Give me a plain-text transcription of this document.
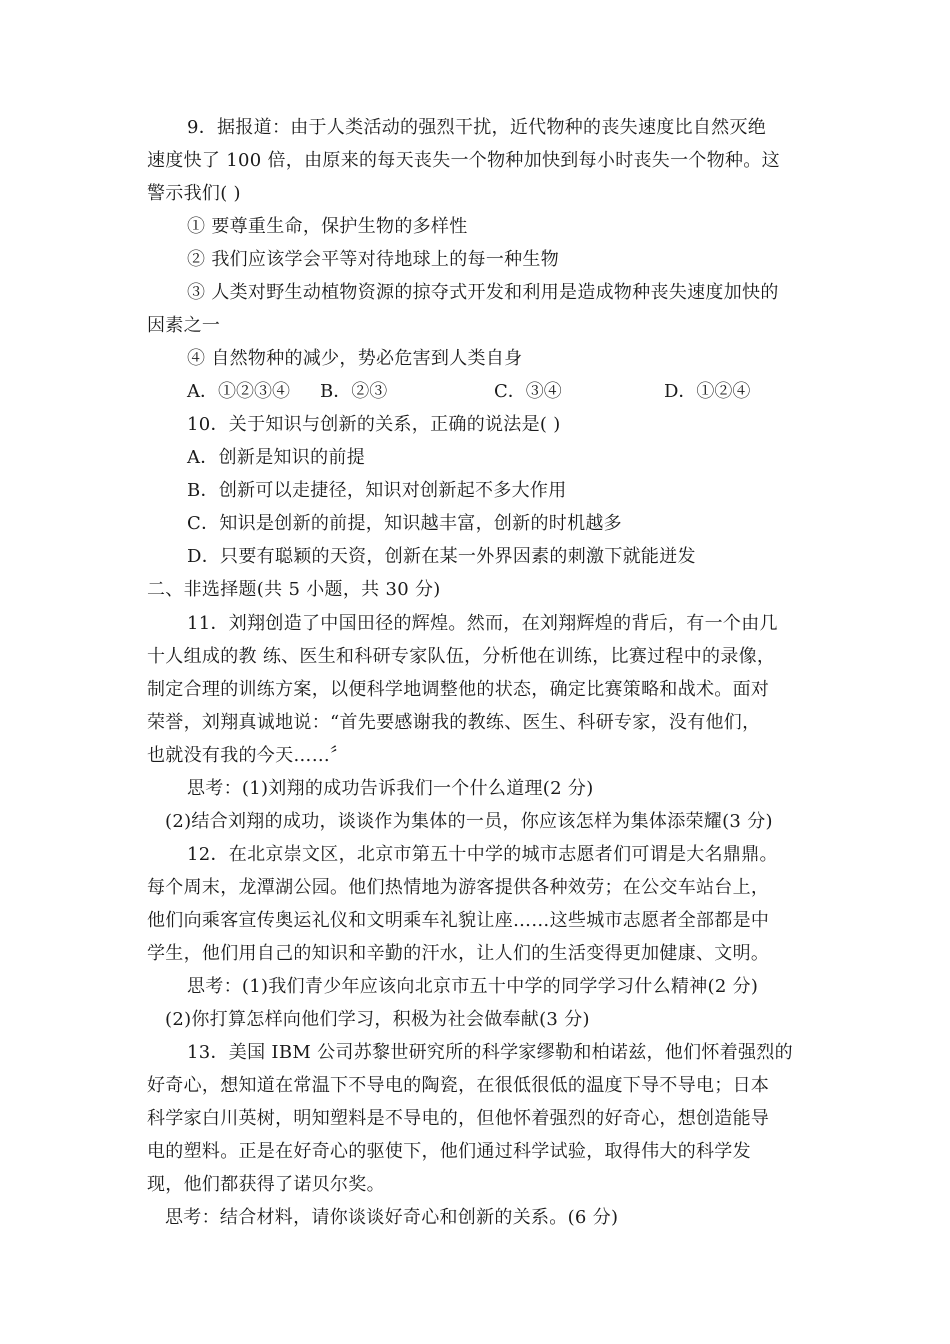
9．据报道：由于人类活动的强烈干扰，近代物种的丧失速度比自然灭绝
速度快了 100 倍，由原来的每天丧失一个物种加快到每小时丧失一个物种。这
警示我们( )
① 要尊重生命，保护生物的多样性
② 我们应该学会平等对待地球上的每一种生物
③ 人类对野生动植物资源的掠夺式开发和利用是造成物种丧失速度加快的
因素之一
④ 自然物种的减少，势必危害到人类自身
A．①②③④ B．②③	C．③④	D．①②④
10．关于知识与创新的关系，正确的说法是( )
A．创新是知识的前提
B．创新可以走捷径，知识对创新起不多大作用
C．知识是创新的前提，知识越丰富，创新的时机越多
D．只要有聪颖的天资，创新在某一外界因素的刺激下就能迸发
二、非选择题(共 5 小题，共 30 分)
11．刘翔创造了中国田径的辉煌。然而，在刘翔辉煌的背后，有一个由几
十人组成的教 练、医生和科研专家队伍，分析他在训练，比赛过程中的录像，
制定合理的训练方案，以便科学地调整他的状态，确定比赛策略和战术。面对
荣誉，刘翔真诚地说：“首先要感谢我的教练、医生、科研专家，没有他们，
也就没有我的今天……〞
思考：(1)刘翔的成功告诉我们一个什么道理(2 分)
(2)结合刘翔的成功，谈谈作为集体的一员，你应该怎样为集体添荣耀(3 分)
12．在北京崇文区，北京市第五十中学的城市志愿者们可谓是大名鼎鼎。
每个周末，龙潭湖公园。他们热情地为游客提供各种效劳；在公交车站台上，
他们向乘客宣传奥运礼仪和文明乘车礼貌让座……这些城市志愿者全部都是中
学生，他们用自己的知识和辛勤的汗水，让人们的生活变得更加健康、文明。
思考：(1)我们青少年应该向北京市五十中学的同学学习什么精神(2 分)
(2)你打算怎样向他们学习，积极为社会做奉献(3 分)
13．美国 IBM 公司苏黎世研究所的科学家缪勒和柏诺兹，他们怀着强烈的
好奇心，想知道在常温下不导电的陶瓷，在很低很低的温度下导不导电；日本
科学家白川英树，明知塑料是不导电的，但他怀着强烈的好奇心，想创造能导
电的塑料。正是在好奇心的驱使下，他们通过科学试验，取得伟大的科学发
现，他们都获得了诺贝尔奖。
思考：结合材料，请你谈谈好奇心和创新的关系。(6 分)
